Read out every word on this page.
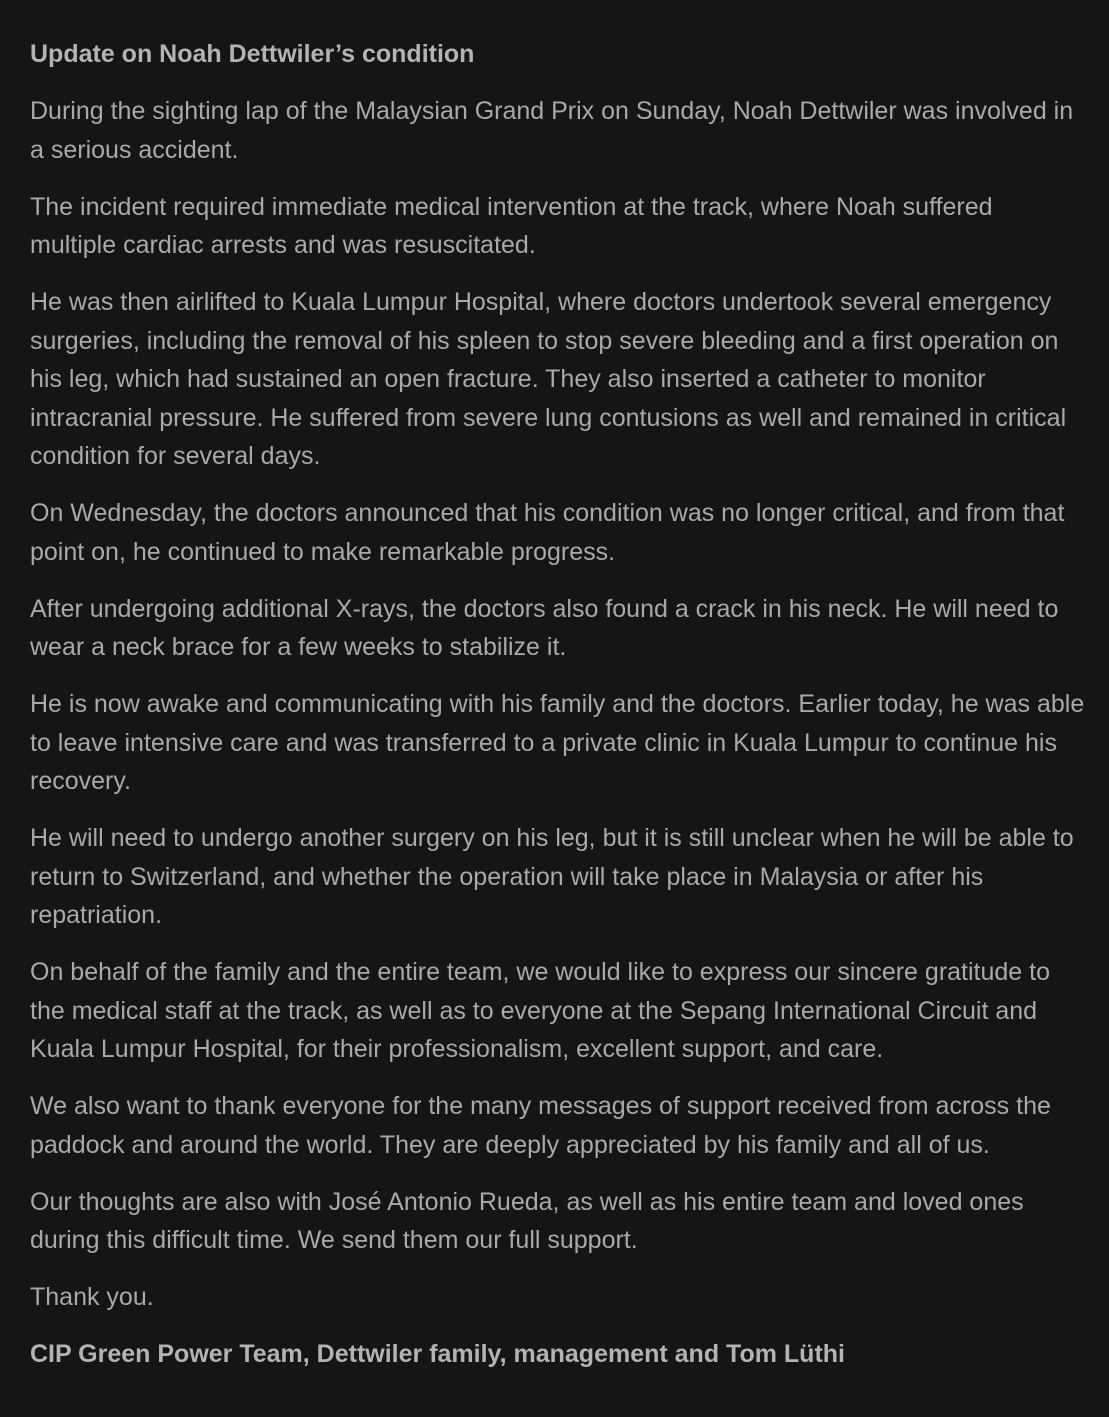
Update on Noah Dettwiler’s condition

During the sighting lap of the Malaysian Grand Prix on Sunday, Noah Dettwiler was involved in a serious accident.

The incident required immediate medical intervention at the track, where Noah suffered multiple cardiac arrests and was resuscitated.

He was then airlifted to Kuala Lumpur Hospital, where doctors undertook several emergency surgeries, including the removal of his spleen to stop severe bleeding and a first operation on his leg, which had sustained an open fracture. They also inserted a catheter to monitor intracranial pressure. He suffered from severe lung contusions as well and remained in critical condition for several days.

On Wednesday, the doctors announced that his condition was no longer critical, and from that point on, he continued to make remarkable progress.

After undergoing additional X-rays, the doctors also found a crack in his neck. He will need to wear a neck brace for a few weeks to stabilize it.

He is now awake and communicating with his family and the doctors. Earlier today, he was able to leave intensive care and was transferred to a private clinic in Kuala Lumpur to continue his recovery.

He will need to undergo another surgery on his leg, but it is still unclear when he will be able to return to Switzerland, and whether the operation will take place in Malaysia or after his repatriation.

On behalf of the family and the entire team, we would like to express our sincere gratitude to the medical staff at the track, as well as to everyone at the Sepang International Circuit and Kuala Lumpur Hospital, for their professionalism, excellent support, and care.

We also want to thank everyone for the many messages of support received from across the paddock and around the world. They are deeply appreciated by his family and all of us.

Our thoughts are also with José Antonio Rueda, as well as his entire team and loved ones during this difficult time. We send them our full support.

Thank you.

CIP Green Power Team, Dettwiler family, management and Tom Lüthi
